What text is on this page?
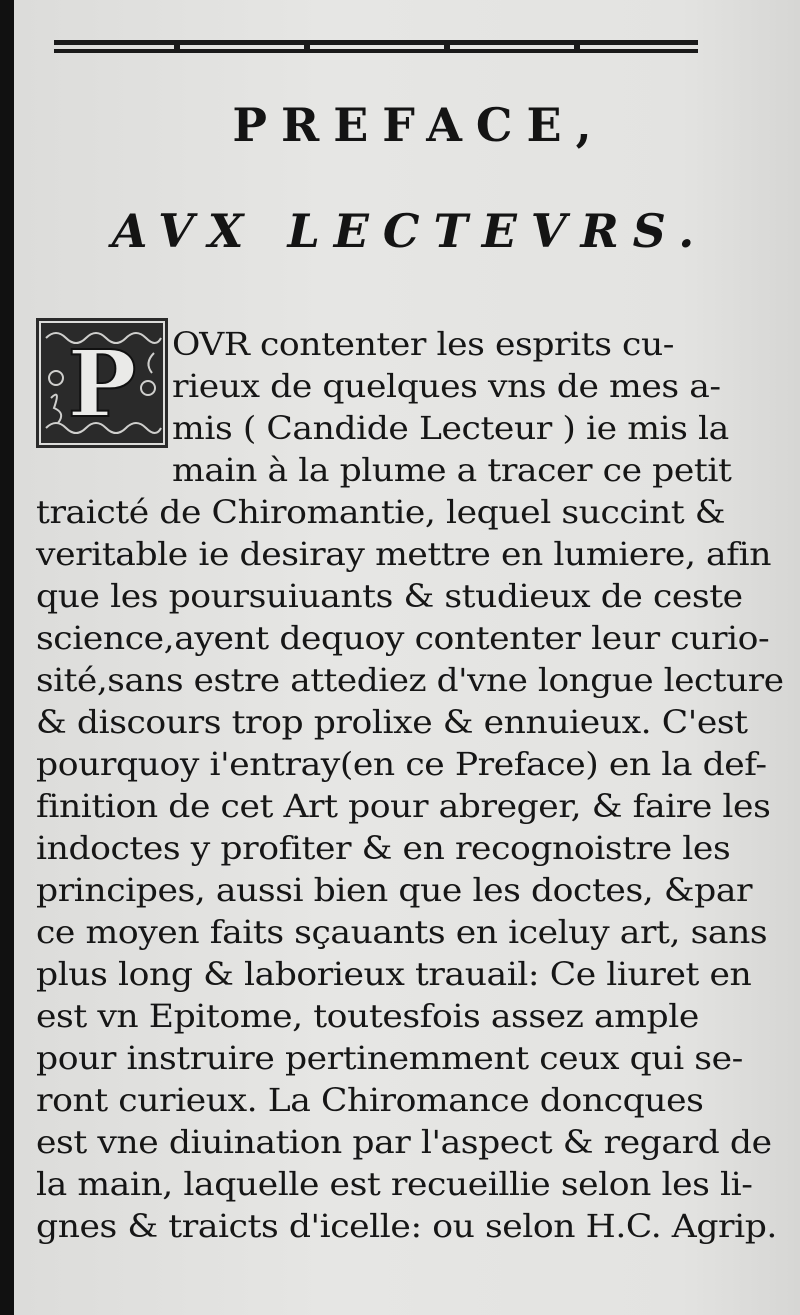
PREFACE,
AVX LECTEVRS.
P OVR contenter les esprits cu-
rieux de quelques vns de mes a-
mis ( Candide Lecteur ) ie mis la
main à la plume a tracer ce petit
traicté de Chiromantie, lequel succint &
veritable ie desiray mettre en lumiere, afin
que les poursuiuants & studieux de ceste
science,ayent dequoy contenter leur curio-
sité,sans estre attediez d'vne longue lecture
& discours trop prolixe & ennuieux. C'est
pourquoy i'entray(en ce Preface) en la def-
finition de cet Art pour abreger, & faire les
indoctes y profiter & en recognoistre les
principes, aussi bien que les doctes, &par
ce moyen faits sçauants en iceluy art, sans
plus long & laborieux trauail: Ce liuret en
est vn Epitome, toutesfois assez ample
pour instruire pertinemment ceux qui se-
ront curieux. La Chiromance doncques
est vne diuination par l'aspect & regard de
la main, laquelle est recueillie selon les li-
gnes & traicts d'icelle: ou selon H.C. Agrip.
